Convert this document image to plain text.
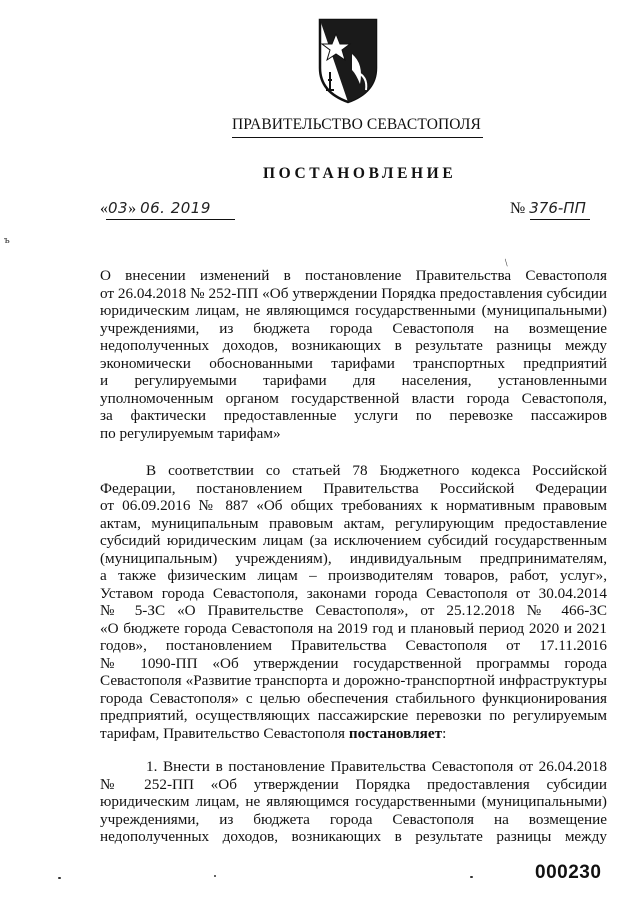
ПРАВИТЕЛЬСТВО СЕВАСТОПОЛЯ
ПОСТАНОВЛЕНИЕ
«03» 06. 2019	№ 376-ПП
ъ
/

О внесении изменений в постановление Правительства Севастополя
от 26.04.2018 № 252-ПП «Об утверждении Порядка предоставления субсидии
юридическим лицам, не являющимся государственными (муниципальными)
учреждениями, из бюджета города Севастополя на возмещение
недополученных доходов, возникающих в результате разницы между
экономически обоснованными тарифами транспортных предприятий
и регулируемыми тарифами для населения, установленными
уполномоченным органом государственной власти города Севастополя,
за фактически предоставленные услуги по перевозке пассажиров
по регулируемым тарифам»

В соответствии со статьей 78 Бюджетного кодекса Российской
Федерации, постановлением Правительства Российской Федерации
от 06.09.2016 № 887 «Об общих требованиях к нормативным правовым
актам, муниципальным правовым актам, регулирующим предоставление
субсидий юридическим лицам (за исключением субсидий государственным
(муниципальным) учреждениям), индивидуальным предпринимателям,
а также физическим лицам – производителям товаров, работ, услуг»,
Уставом города Севастополя, законами города Севастополя от 30.04.2014
№ 5-ЗС «О Правительстве Севастополя», от 25.12.2018 № 466-ЗС
«О бюджете города Севастополя на 2019 год и плановый период 2020 и 2021
годов», постановлением Правительства Севастополя от 17.11.2016
№ 1090-ПП «Об утверждении государственной программы города
Севастополя «Развитие транспорта и дорожно-транспортной инфраструктуры
города Севастополя» с целью обеспечения стабильного функционирования
предприятий, осуществляющих пассажирские перевозки по регулируемым
тарифам, Правительство Севастополя постановляет:

1. Внести в постановление Правительства Севастополя от 26.04.2018
№ 252-ПП «Об утверждении Порядка предоставления субсидии
юридическим лицам, не являющимся государственными (муниципальными)
учреждениями, из бюджета города Севастополя на возмещение
недополученных доходов, возникающих в результате разницы между

000230
